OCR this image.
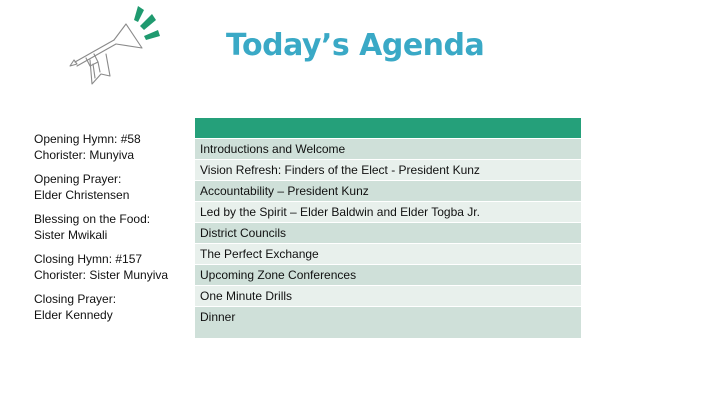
Today’s Agenda

Opening Hymn: #58
Chorister: Munyiva

Opening Prayer:
Elder Christensen

Blessing on the Food:
Sister Mwikali

Closing Hymn: #157
Chorister: Sister Munyiva

Closing Prayer:
Elder Kennedy

Introductions and Welcome
Vision Refresh: Finders of the Elect - President Kunz
Accountability – President Kunz
Led by the Spirit – Elder Baldwin and Elder Togba Jr.
District Councils
The Perfect Exchange
Upcoming Zone Conferences
One Minute Drills
Dinner
